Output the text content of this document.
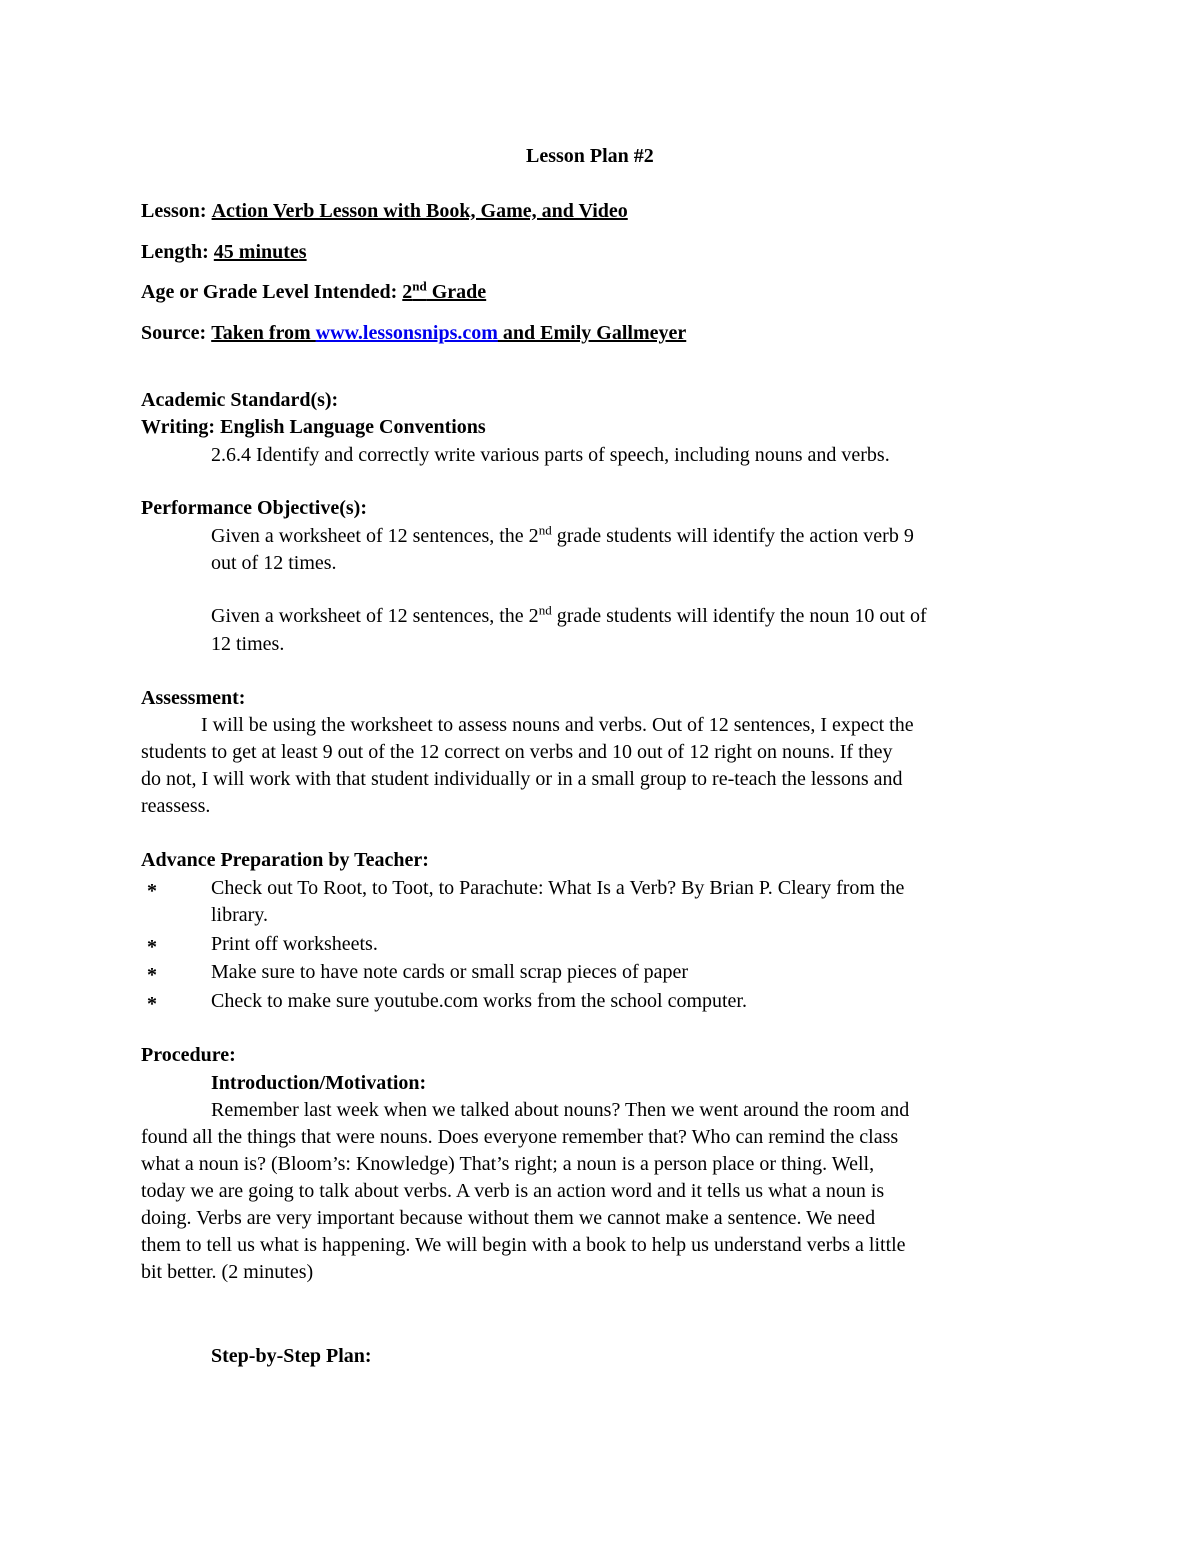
Lesson Plan #2
Lesson: Action Verb Lesson with Book, Game, and Video
Length: 45 minutes
Age or Grade Level Intended: 2nd Grade
Source: Taken from www.lessonsnips.com and Emily Gallmeyer
Academic Standard(s):
Writing: English Language Conventions
2.6.4 Identify and correctly write various parts of speech, including nouns and verbs.
Performance Objective(s):
Given a worksheet of 12 sentences, the 2nd grade students will identify the action verb 9
out of 12 times.
Given a worksheet of 12 sentences, the 2nd grade students will identify the noun 10 out of
12 times.
Assessment:
I will be using the worksheet to assess nouns and verbs. Out of 12 sentences, I expect the
students to get at least 9 out of the 12 correct on verbs and 10 out of 12 right on nouns. If they
do not, I will work with that student individually or in a small group to re-teach the lessons and
reassess.
Advance Preparation by Teacher:
*	Check out To Root, to Toot, to Parachute: What Is a Verb? By Brian P. Cleary from the
library.
*	Print off worksheets.
*	Make sure to have note cards or small scrap pieces of paper
*	Check to make sure youtube.com works from the school computer.
Procedure:
Introduction/Motivation:
Remember last week when we talked about nouns? Then we went around the room and
found all the things that were nouns. Does everyone remember that? Who can remind the class
what a noun is? (Bloom’s: Knowledge) That’s right; a noun is a person place or thing. Well,
today we are going to talk about verbs. A verb is an action word and it tells us what a noun is
doing. Verbs are very important because without them we cannot make a sentence. We need
them to tell us what is happening. We will begin with a book to help us understand verbs a little
bit better. (2 minutes)
Step-by-Step Plan:
